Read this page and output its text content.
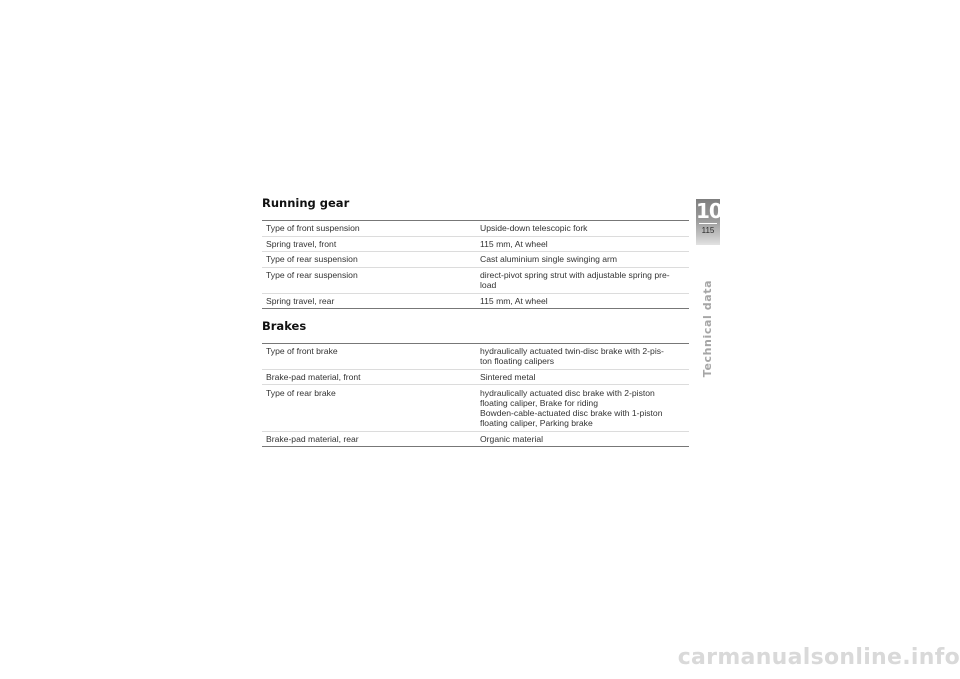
Running gear
Type of front suspension	Upside-down telescopic fork

Spring travel, front	115 mm, At wheel

Type of rear suspension	Cast aluminium single swinging arm

Type of rear suspension	direct-pivot spring strut with adjustable spring pre-
load

Spring travel, rear	115 mm, At wheel
Brakes
Type of front brake	hydraulically actuated twin-disc brake with 2-pis-
ton floating calipers

Brake-pad material, front	Sintered metal

Type of rear brake	hydraulically actuated disc brake with 2-piston
floating caliper, Brake for riding
Bowden-cable-actuated disc brake with 1-piston
floating caliper, Parking brake

Brake-pad material, rear	Organic material
10
115
Technical data
carmanualsonline.info
